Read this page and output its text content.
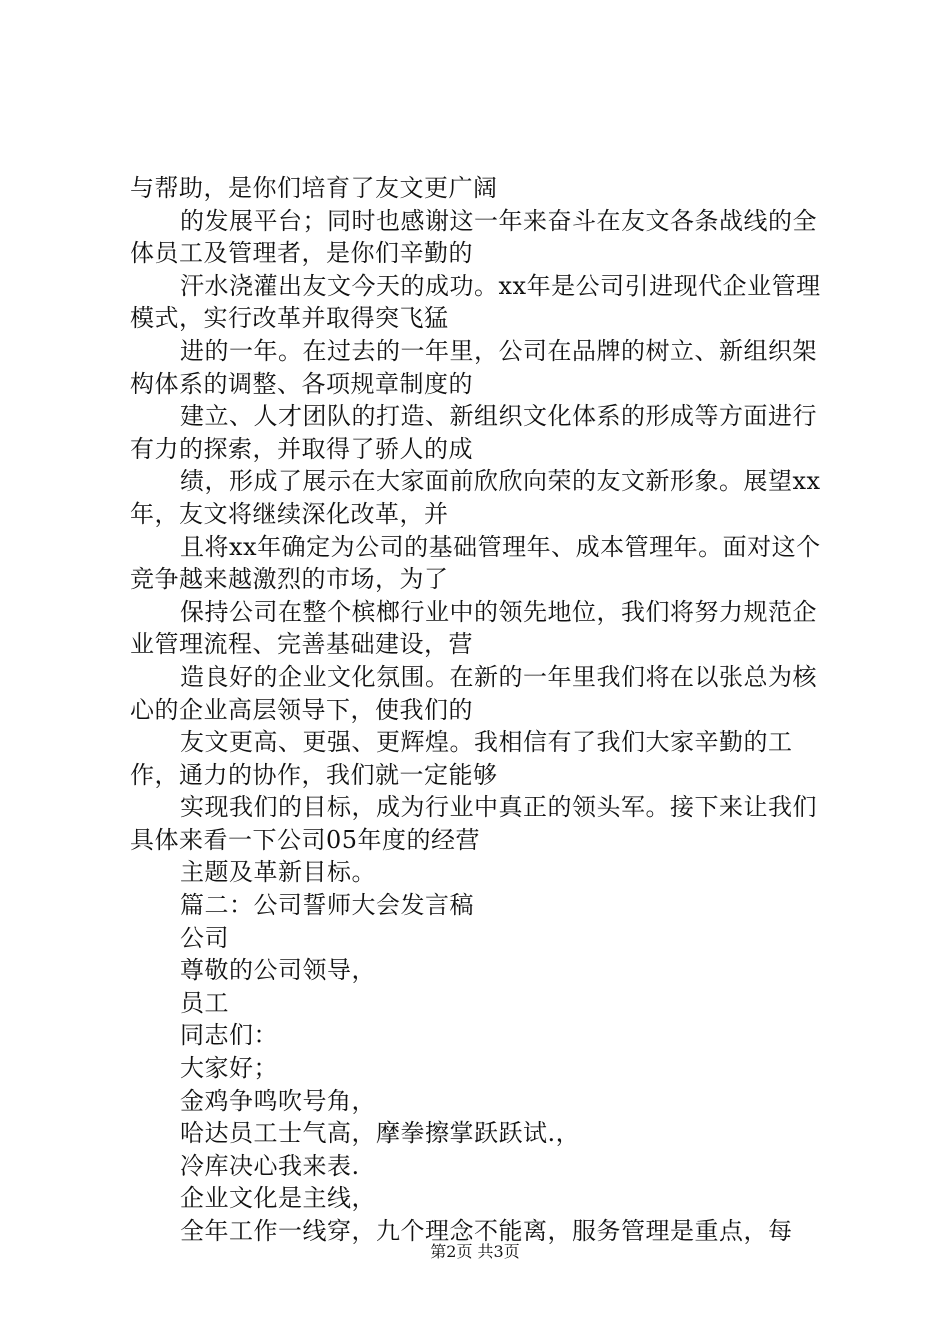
与帮助，是你们培育了友文更广阔

的发展平台；同时也感谢这一年来奋斗在友文各条战线的全体员工及管理者，是你们辛勤的

汗水浇灌出友文今天的成功。xx年是公司引进现代企业管理模式，实行改革并取得突飞猛

进的一年。在过去的一年里，公司在品牌的树立、新组织架构体系的调整、各项规章制度的

建立、人才团队的打造、新组织文化体系的形成等方面进行有力的探索，并取得了骄人的成

绩，形成了展示在大家面前欣欣向荣的友文新形象。展望xx年，友文将继续深化改革，并

且将xx年确定为公司的基础管理年、成本管理年。面对这个竞争越来越激烈的市场，为了

保持公司在整个槟榔行业中的领先地位，我们将努力规范企业管理流程、完善基础建设，营

造良好的企业文化氛围。在新的一年里我们将在以张总为核心的企业高层领导下，使我们的

友文更高、更强、更辉煌。我相信有了我们大家辛勤的工作，通力的协作，我们就一定能够

实现我们的目标，成为行业中真正的领头军。接下来让我们具体来看一下公司05年度的经营

主题及革新目标。

篇二：公司誓师大会发言稿

公司

尊敬的公司领导，

员工

同志们：

大家好；

金鸡争鸣吹号角，

哈达员工士气高，摩拳擦掌跃跃试.，

冷库决心我来表.

企业文化是主线，

全年工作一线穿，九个理念不能离，服务管理是重点，每

第2页 共3页
